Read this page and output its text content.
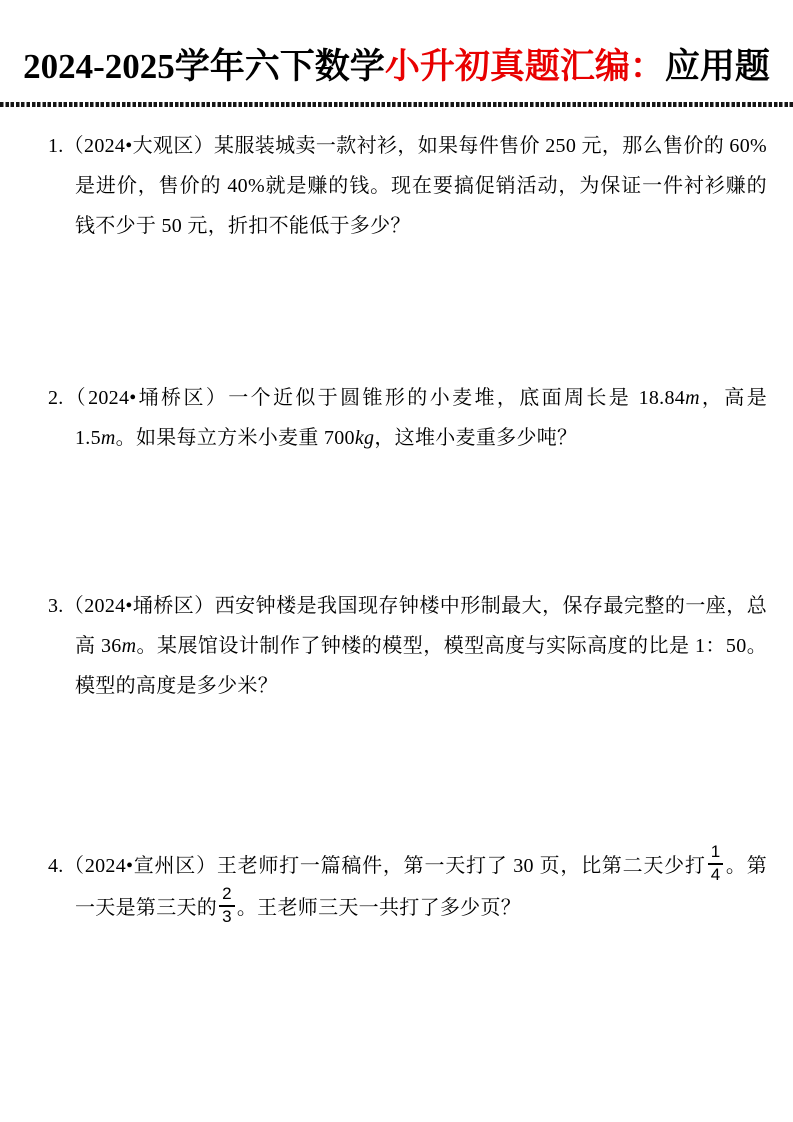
2024-2025学年六下数学小升初真题汇编：应用题
1.（2024•大观区）某服装城卖一款衬衫，如果每件售价 250 元，那么售价的 60%是进价，售价的 40%就是赚的钱。现在要搞促销活动，为保证一件衬衫赚的钱不少于 50 元，折扣不能低于多少？
2.（2024•埇桥区）一个近似于圆锥形的小麦堆，底面周长是 18.84m，高是 1.5m。如果每立方米小麦重 700kg，这堆小麦重多少吨？
3.（2024•埇桥区）西安钟楼是我国现存钟楼中形制最大，保存最完整的一座，总高 36m。某展馆设计制作了钟楼的模型，模型高度与实际高度的比是 1：50。模型的高度是多少米？
4.（2024•宣州区）王老师打一篇稿件，第一天打了 30 页，比第二天少打 $\frac{1}{4}$ 。第一天是第三天的 $\frac{2}{3}$ 。王老师三天一共打了多少页？
